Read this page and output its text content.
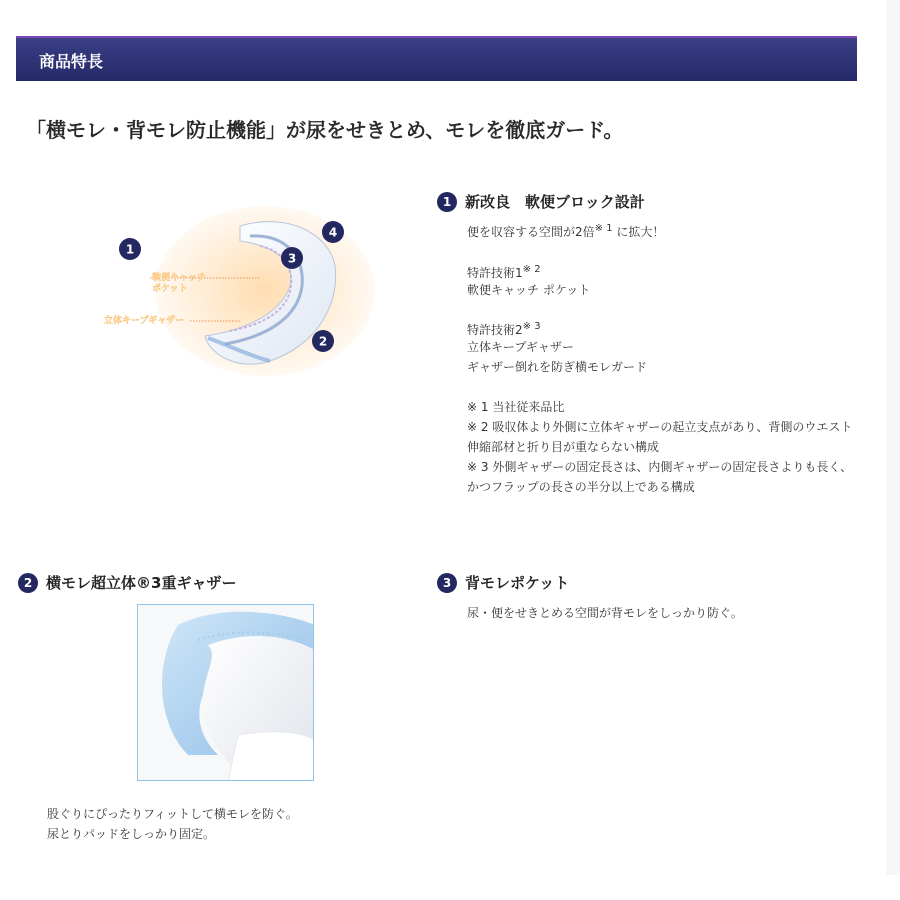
商品特長
「横モレ・背モレ防止機能」が尿をせきとめ、モレを徹底ガード。
1
3
4
2
軟便キャッチ
ポケット
立体キープギャザー
1 新改良　軟便ブロック設計
便を収容する空間が2倍$^{※ 1}$ に拡大！
特許技術1$^{※ 2}$
軟便キャッチ ポケット
特許技術2$^{※ 3}$
立体キープギャザー
ギャザー倒れを防ぎ横モレガード
※ 1 当社従来品比
※ 2 吸収体より外側に立体ギャザーの起立支点があり、背側のウエスト伸縮部材と折り目が重ならない構成
※ 3 外側ギャザーの固定長さは、内側ギャザーの固定長さよりも長く、かつフラップの長さの半分以上である構成
2 横モレ超立体®3重ギャザー
股ぐりにぴったりフィットして横モレを防ぐ。
尿とりパッドをしっかり固定。
3 背モレポケット
尿・便をせきとめる空間が背モレをしっかり防ぐ。
